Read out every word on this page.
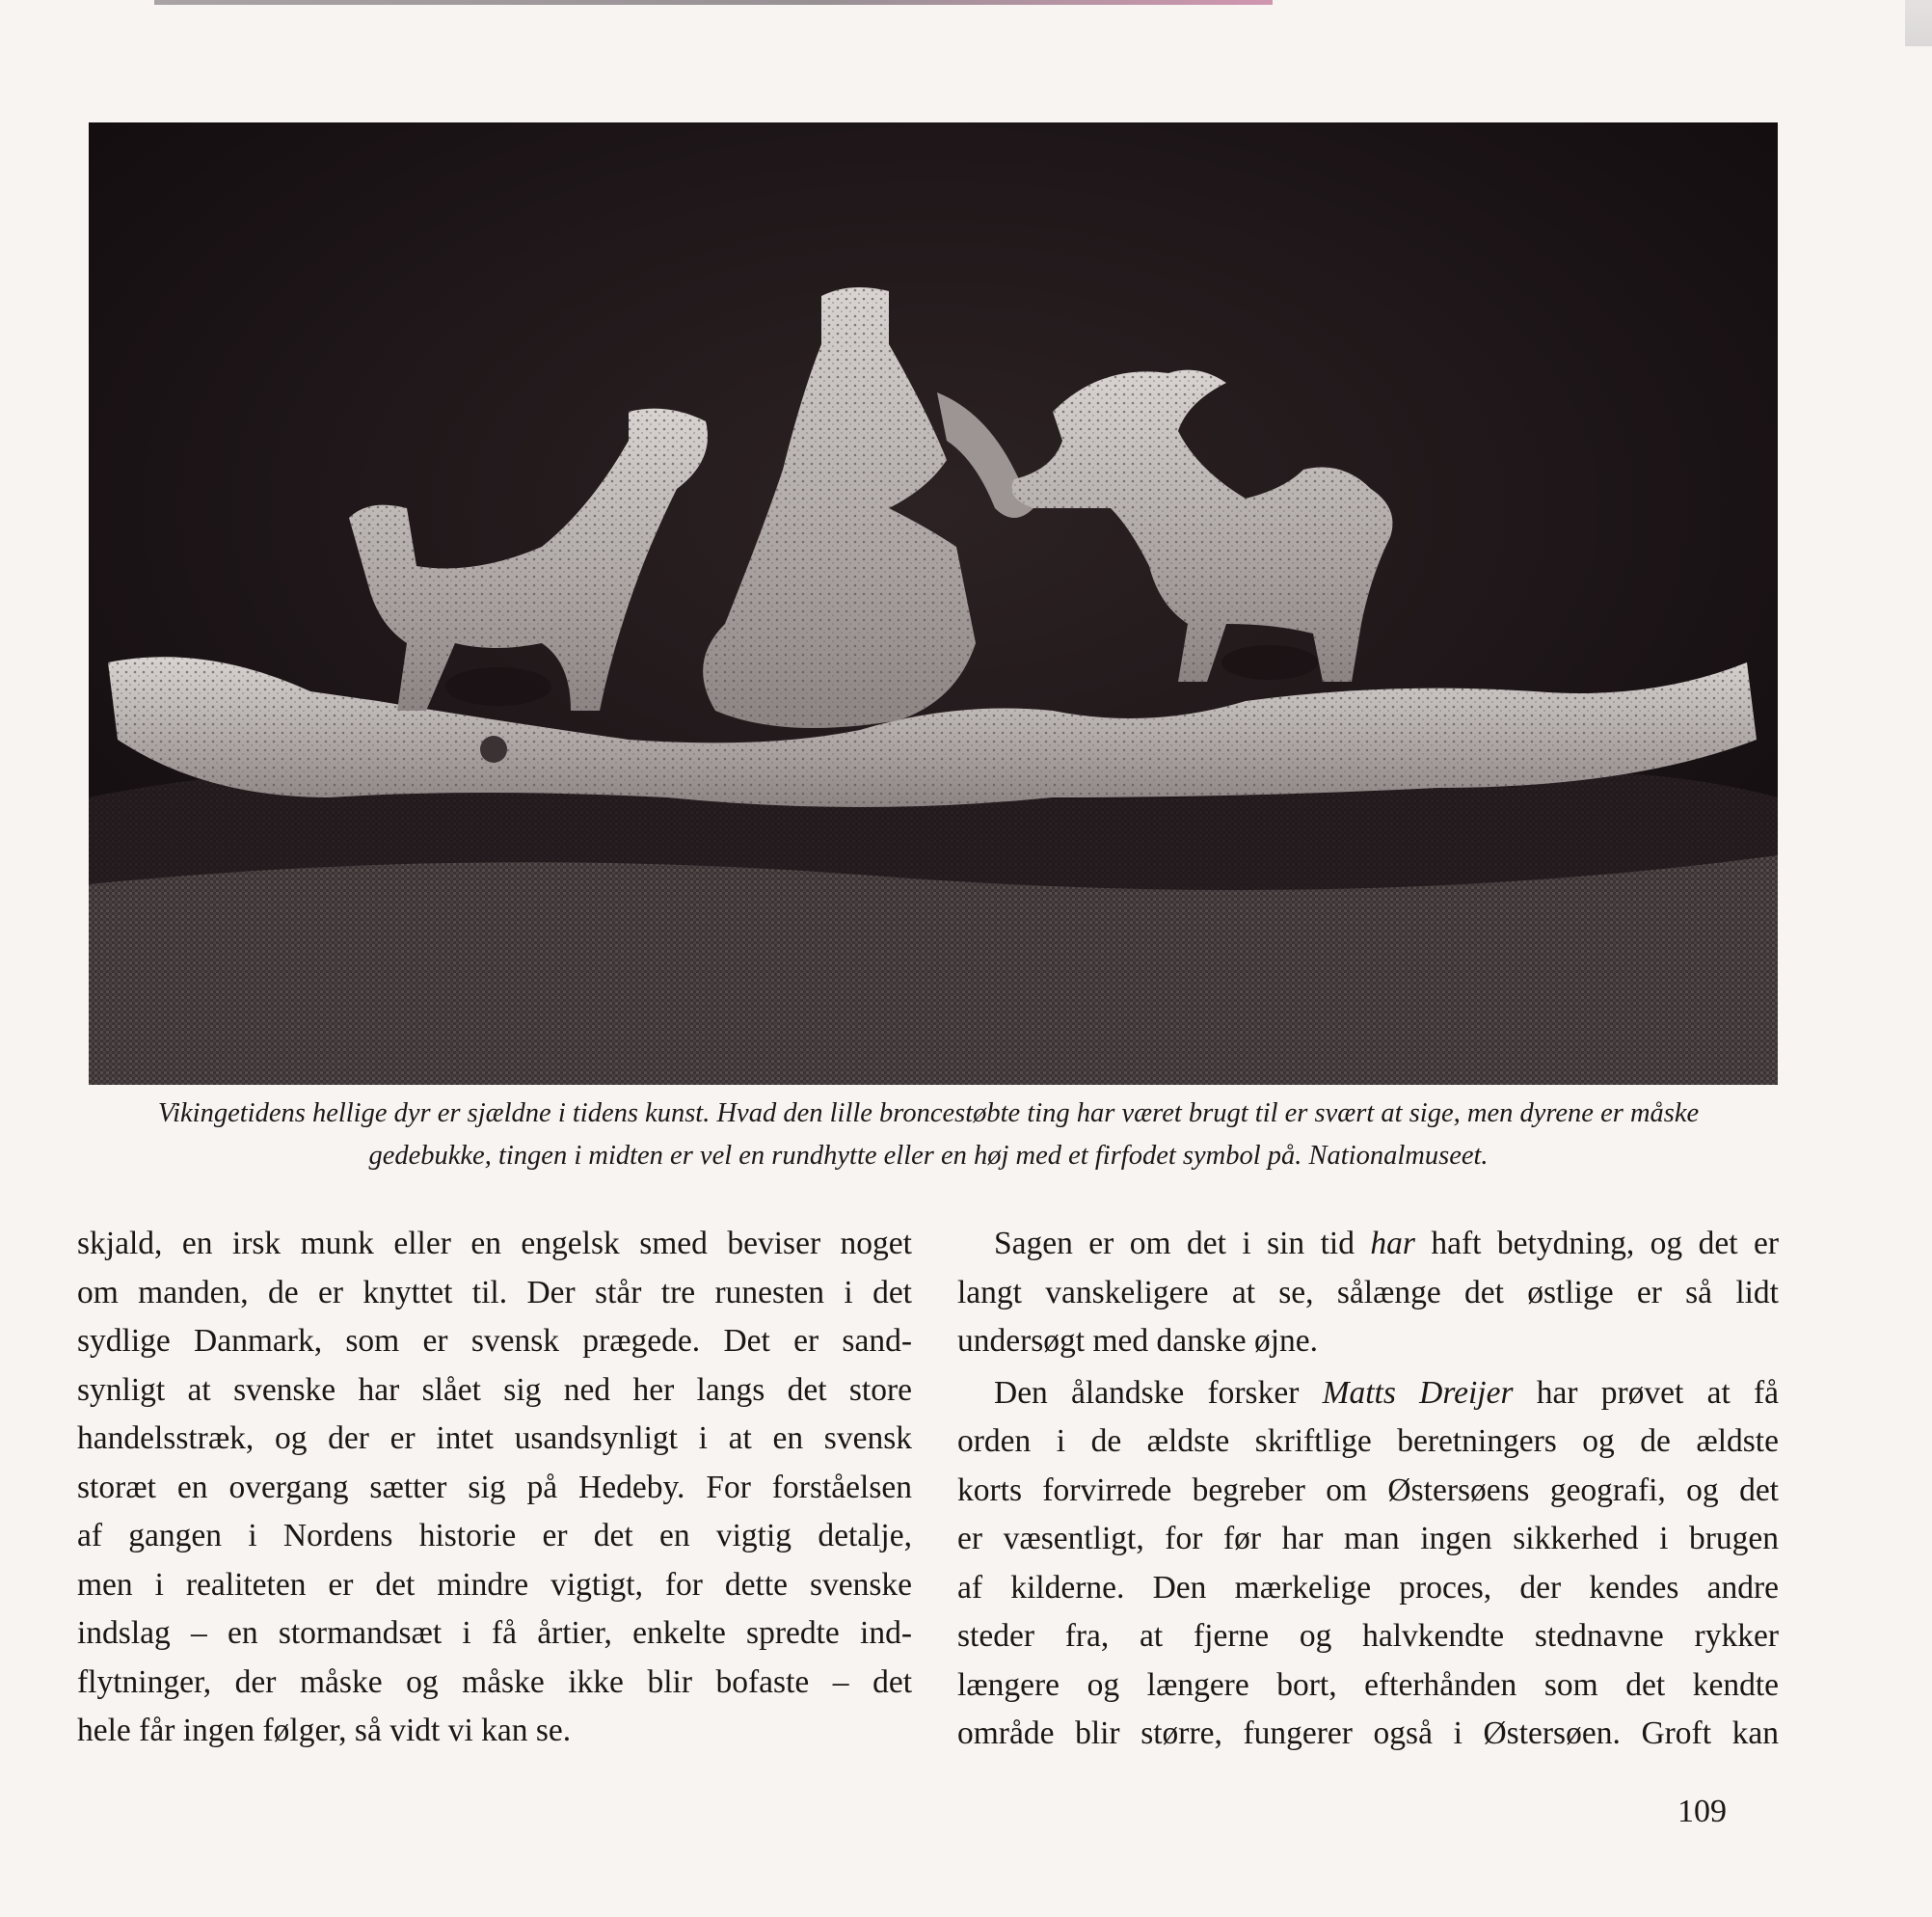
Vikingetidens hellige dyr er sjældne i tidens kunst. Hvad den lille broncestøbte ting har været brugt til er svært at sige, men dyrene er måske
gedebukke, tingen i midten er vel en rundhytte eller en høj med et firfodet symbol på. Nationalmuseet.

skjald, en irsk munk eller en engelsk smed beviser noget
om manden, de er knyttet til. Der står tre runesten i det
sydlige Danmark, som er svensk prægede. Det er sand-
synligt at svenske har slået sig ned her langs det store
handelsstræk, og der er intet usandsynligt i at en svensk
storæt en overgang sætter sig på Hedeby. For forståelsen
af gangen i Nordens historie er det en vigtig detalje,
men i realiteten er det mindre vigtigt, for dette svenske
indslag – en stormandsæt i få årtier, enkelte spredte ind-
flytninger, der måske og måske ikke blir bofaste – det
hele får ingen følger, så vidt vi kan se.

Sagen er om det i sin tid har haft betydning, og det er
langt vanskeligere at se, sålænge det østlige er så lidt
undersøgt med danske øjne.

Den ålandske forsker Matts Dreijer har prøvet at få
orden i de ældste skriftlige beretningers og de ældste
korts forvirrede begreber om Østersøens geografi, og det
er væsentligt, for før har man ingen sikkerhed i brugen
af kilderne. Den mærkelige proces, der kendes andre
steder fra, at fjerne og halvkendte stednavne rykker
længere og længere bort, efterhånden som det kendte
område blir større, fungerer også i Østersøen. Groft kan

109
